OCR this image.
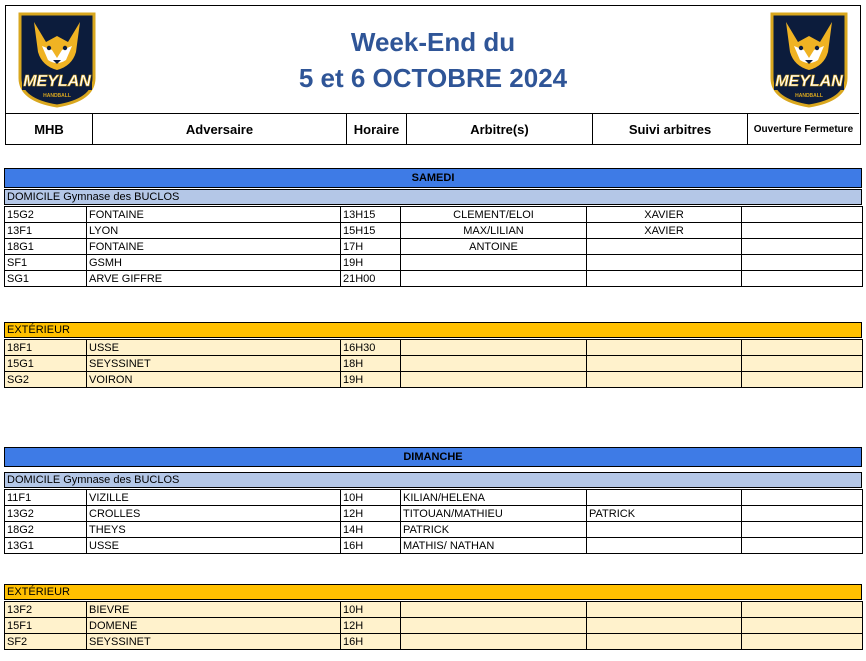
Week-End du
5 et 6 OCTOBRE 2024
MHB	Adversaire	Horaire	Arbitre(s)	Suivi arbitres	Ouverture Fermeture
SAMEDI
DOMICILE Gymnase des BUCLOS
15G2	FONTAINE	13H15	CLEMENT/ELOI	XAVIER	
13F1	LYON	15H15	MAX/LILIAN	XAVIER	
18G1	FONTAINE	17H	ANTOINE		
SF1	GSMH	19H			
SG1	ARVE GIFFRE	21H00			
EXTÉRIEUR
18F1	USSE	16H30			
15G1	SEYSSINET	18H			
SG2	VOIRON	19H			
DIMANCHE
DOMICILE Gymnase des BUCLOS
11F1	VIZILLE	10H	KILIAN/HELENA		
13G2	CROLLES	12H	TITOUAN/MATHIEU	PATRICK	
18G2	THEYS	14H	PATRICK		
13G1	USSE	16H	MATHIS/ NATHAN		
EXTÉRIEUR
13F2	BIEVRE	10H			
15F1	DOMENE	12H			
SF2	SEYSSINET	16H			
